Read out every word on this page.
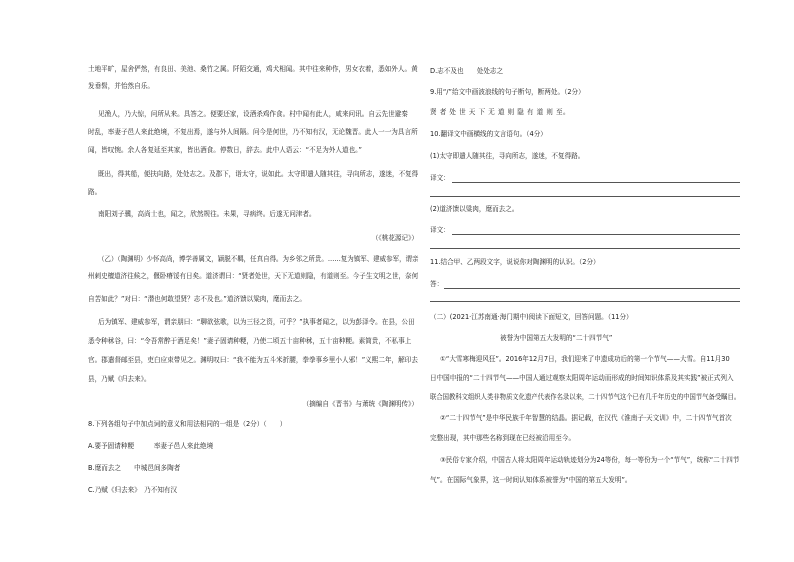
土地平旷，屋舍俨然，有良田、美池、桑竹之属。阡陌交通，鸡犬相闻。其中往来种作，男女衣着，悉如外人。黄
发垂髫，并怡然自乐。
见渔人，乃大惊，问所从来。具答之。便要还家，设酒杀鸡作食。村中闻有此人，咸来问讯。自云先世避秦
时乱，率妻子邑人来此绝境，不复出焉，遂与外人间隔。问今是何世，乃不知有汉，无论魏晋。此人一一为具言所
闻，皆叹惋。余人各复延至其家，皆出酒食。停数日，辞去。此中人语云：“不足为外人道也。”
既出，得其船，便扶向路，处处志之。及郡下，诣太守，说如此。太守即遣人随其往，寻向所志，遂迷，不复得
路。
南阳刘子骥，高尚士也，闻之，欣然规往。未果，寻病终。后遂无问津者。
（《桃花源记》）
（乙）（陶渊明）少怀高尚，博学善属文，颖脱不羁，任真自得。为乡邻之所贵。……复为镇军、建威参军，谓亲
州刺史檀道济往候之，偃卧瘠馁有日矣。道济谓曰：“贤者处世，天下无道则隐，有道则至。今子生文明之世，奈何
自苦如此？”对曰：“潜也何敢望贤？志不及也。”道济馈以粱肉，麾而去之。
后为镇军、建威参军，谓亲朋曰：“聊欲弦歌，以为三径之资，可乎？”执事者闻之，以为彭泽令。在县，公田
悉令种秫谷，曰：“令吾常醉于酒足矣！”妻子固请种粳，乃使二顷五十亩种秫，五十亩种粳。素简贵，不私事上
官。郡遣督邮至县，吏白应束带见之。渊明叹曰：“我不能为五斗米折腰，拳拳事乡里小人邪！”义熙二年，解印去
县，乃赋《归去来》。
（摘编自《晋书》与萧统《陶渊明传》）
8.下列各组句子中加点词的意义和用法相同的一组是（2分）（　　）
A.要予固请种粳　　　率妻子邑人来此绝境
B.麾而去之　　中城邑间多陶者
C.乃赋《归去来》　乃不知有汉
D.志不及也　　处处志之
9.用“/”给文中画波浪线的句子断句，断两处。（2分）
贤 者 处 世 天 下 无 道 则 隐 有 道 则 至。
10.翻译文中画横线的文言语句。（4分）
(1)太守即遣人随其往，寻向所志，遂迷，不复得路。
译文：
(2)道济馈以粱肉，麾而去之。
译文：
11.结合甲、乙两段文字，说说你对陶渊明的认识。（2分）
答：
（二）(2021·江苏南通·海门期中)阅读下面短文，回答问题。（11分）
被誉为中国第五大发明的“二十四节气”
①“大雪寒梅迎风狂”。2016年12月7日，我们迎来了申遗成功后的第一个节气——大雪。自11月30
日中国申报的“二十四节气——中国人通过观察太阳周年运动而形成的时间知识体系及其实践”被正式列入
联合国教科文组织人类非物质文化遗产代表作名录以来，二十四节气这个已有几千年历史的中国节气备受瞩目。
②“二十四节气”是中华民族千年智慧的结晶。据记载，在汉代《淮南子·天文训》中，二十四节气首次
完整出现，其中那些名称到现在已经被沿用至今。
③民俗专家介绍，中国古人将太阳周年运动轨迹划分为24等份，每一等份为一个“节气”，统称“二十四节
气”。在国际气象界，这一时间认知体系被誉为“中国的第五大发明”。
